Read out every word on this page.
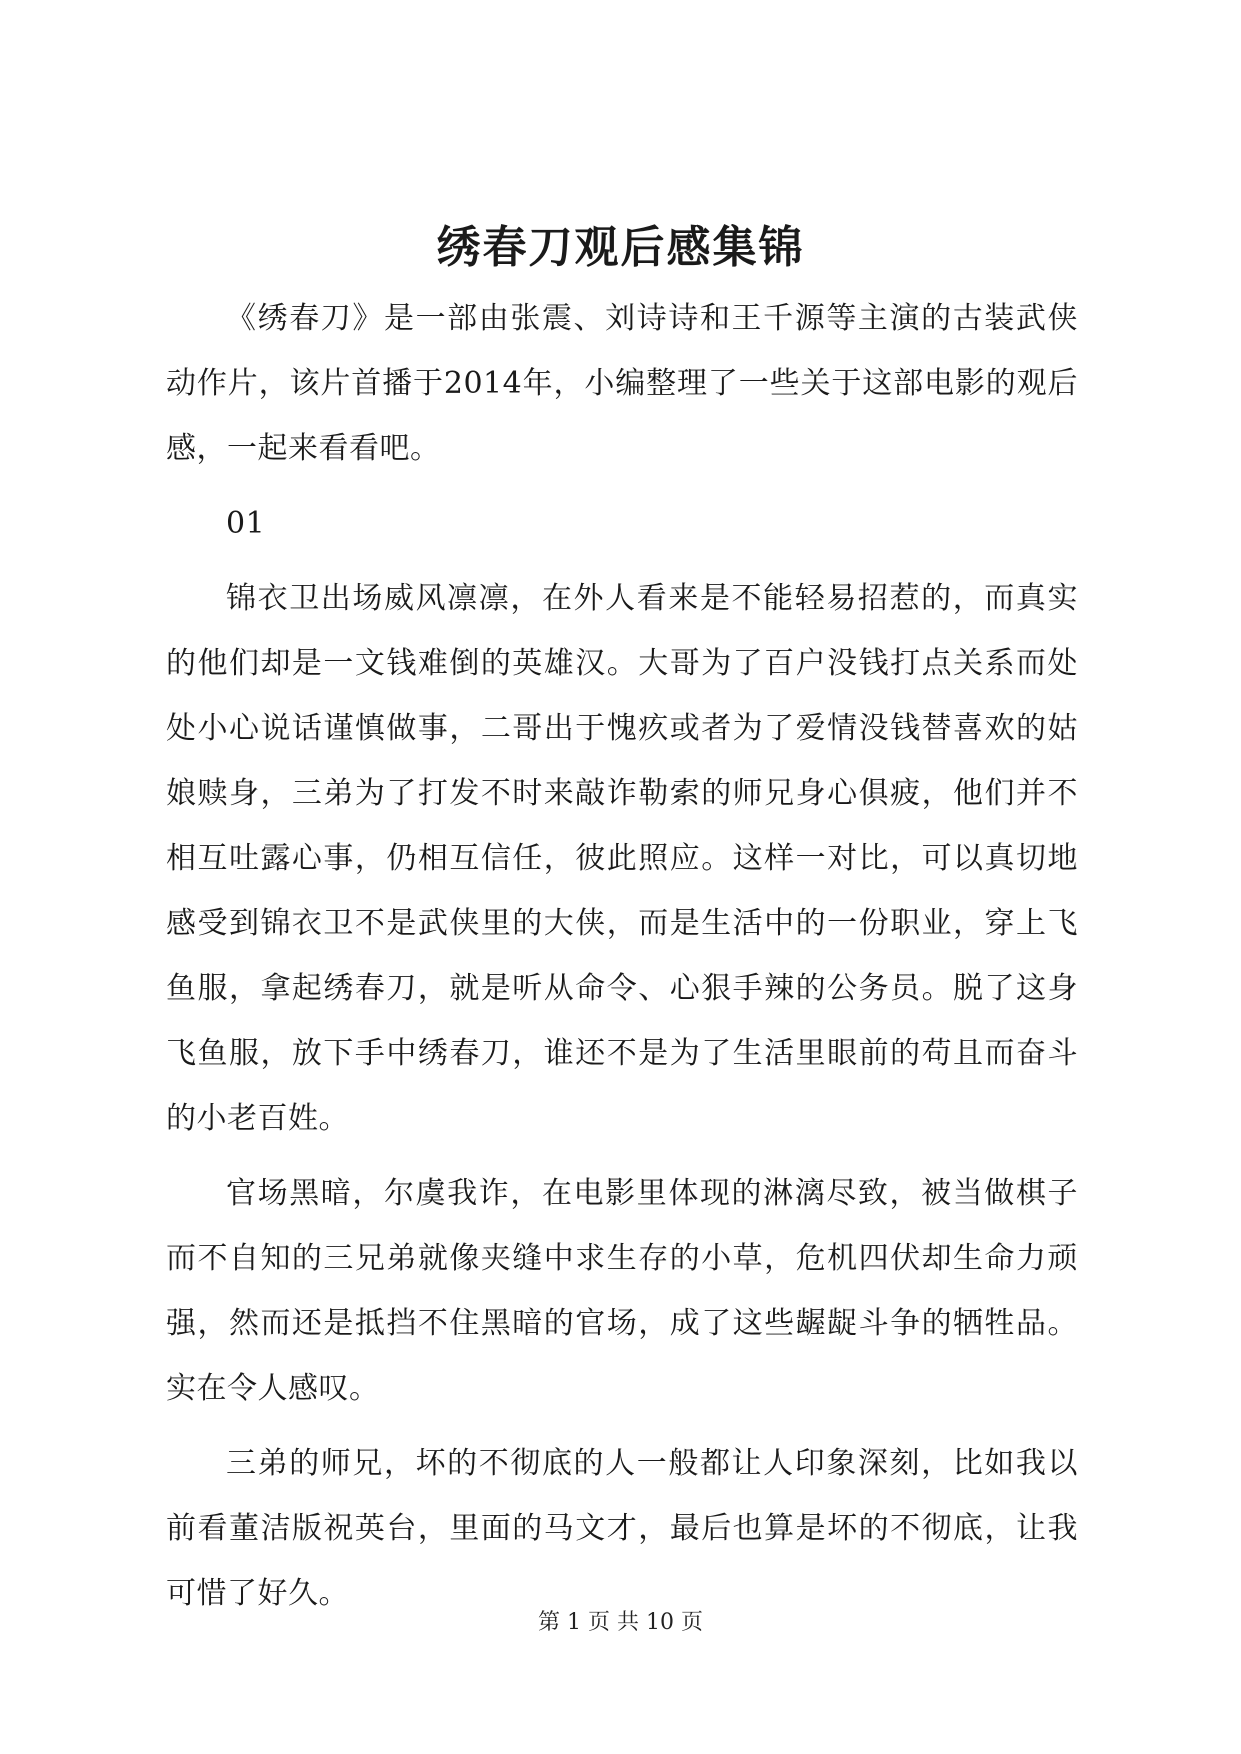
绣春刀观后感集锦

《绣春刀》是一部由张震、刘诗诗和王千源等主演的古装武侠动作片，该片首播于2014年，小编整理了一些关于这部电影的观后感，一起来看看吧。

01

锦衣卫出场威风凛凛，在外人看来是不能轻易招惹的，而真实的他们却是一文钱难倒的英雄汉。大哥为了百户没钱打点关系而处处小心说话谨慎做事，二哥出于愧疚或者为了爱情没钱替喜欢的姑娘赎身，三弟为了打发不时来敲诈勒索的师兄身心俱疲，他们并不相互吐露心事，仍相互信任，彼此照应。这样一对比，可以真切地感受到锦衣卫不是武侠里的大侠，而是生活中的一份职业，穿上飞鱼服，拿起绣春刀，就是听从命令、心狠手辣的公务员。脱了这身飞鱼服，放下手中绣春刀，谁还不是为了生活里眼前的苟且而奋斗的小老百姓。

官场黑暗，尔虞我诈，在电影里体现的淋漓尽致，被当做棋子而不自知的三兄弟就像夹缝中求生存的小草，危机四伏却生命力顽强，然而还是抵挡不住黑暗的官场，成了这些龌龊斗争的牺牲品。实在令人感叹。

三弟的师兄，坏的不彻底的人一般都让人印象深刻，比如我以前看董洁版祝英台，里面的马文才，最后也算是坏的不彻底，让我可惜了好久。

第 1 页 共 10 页
